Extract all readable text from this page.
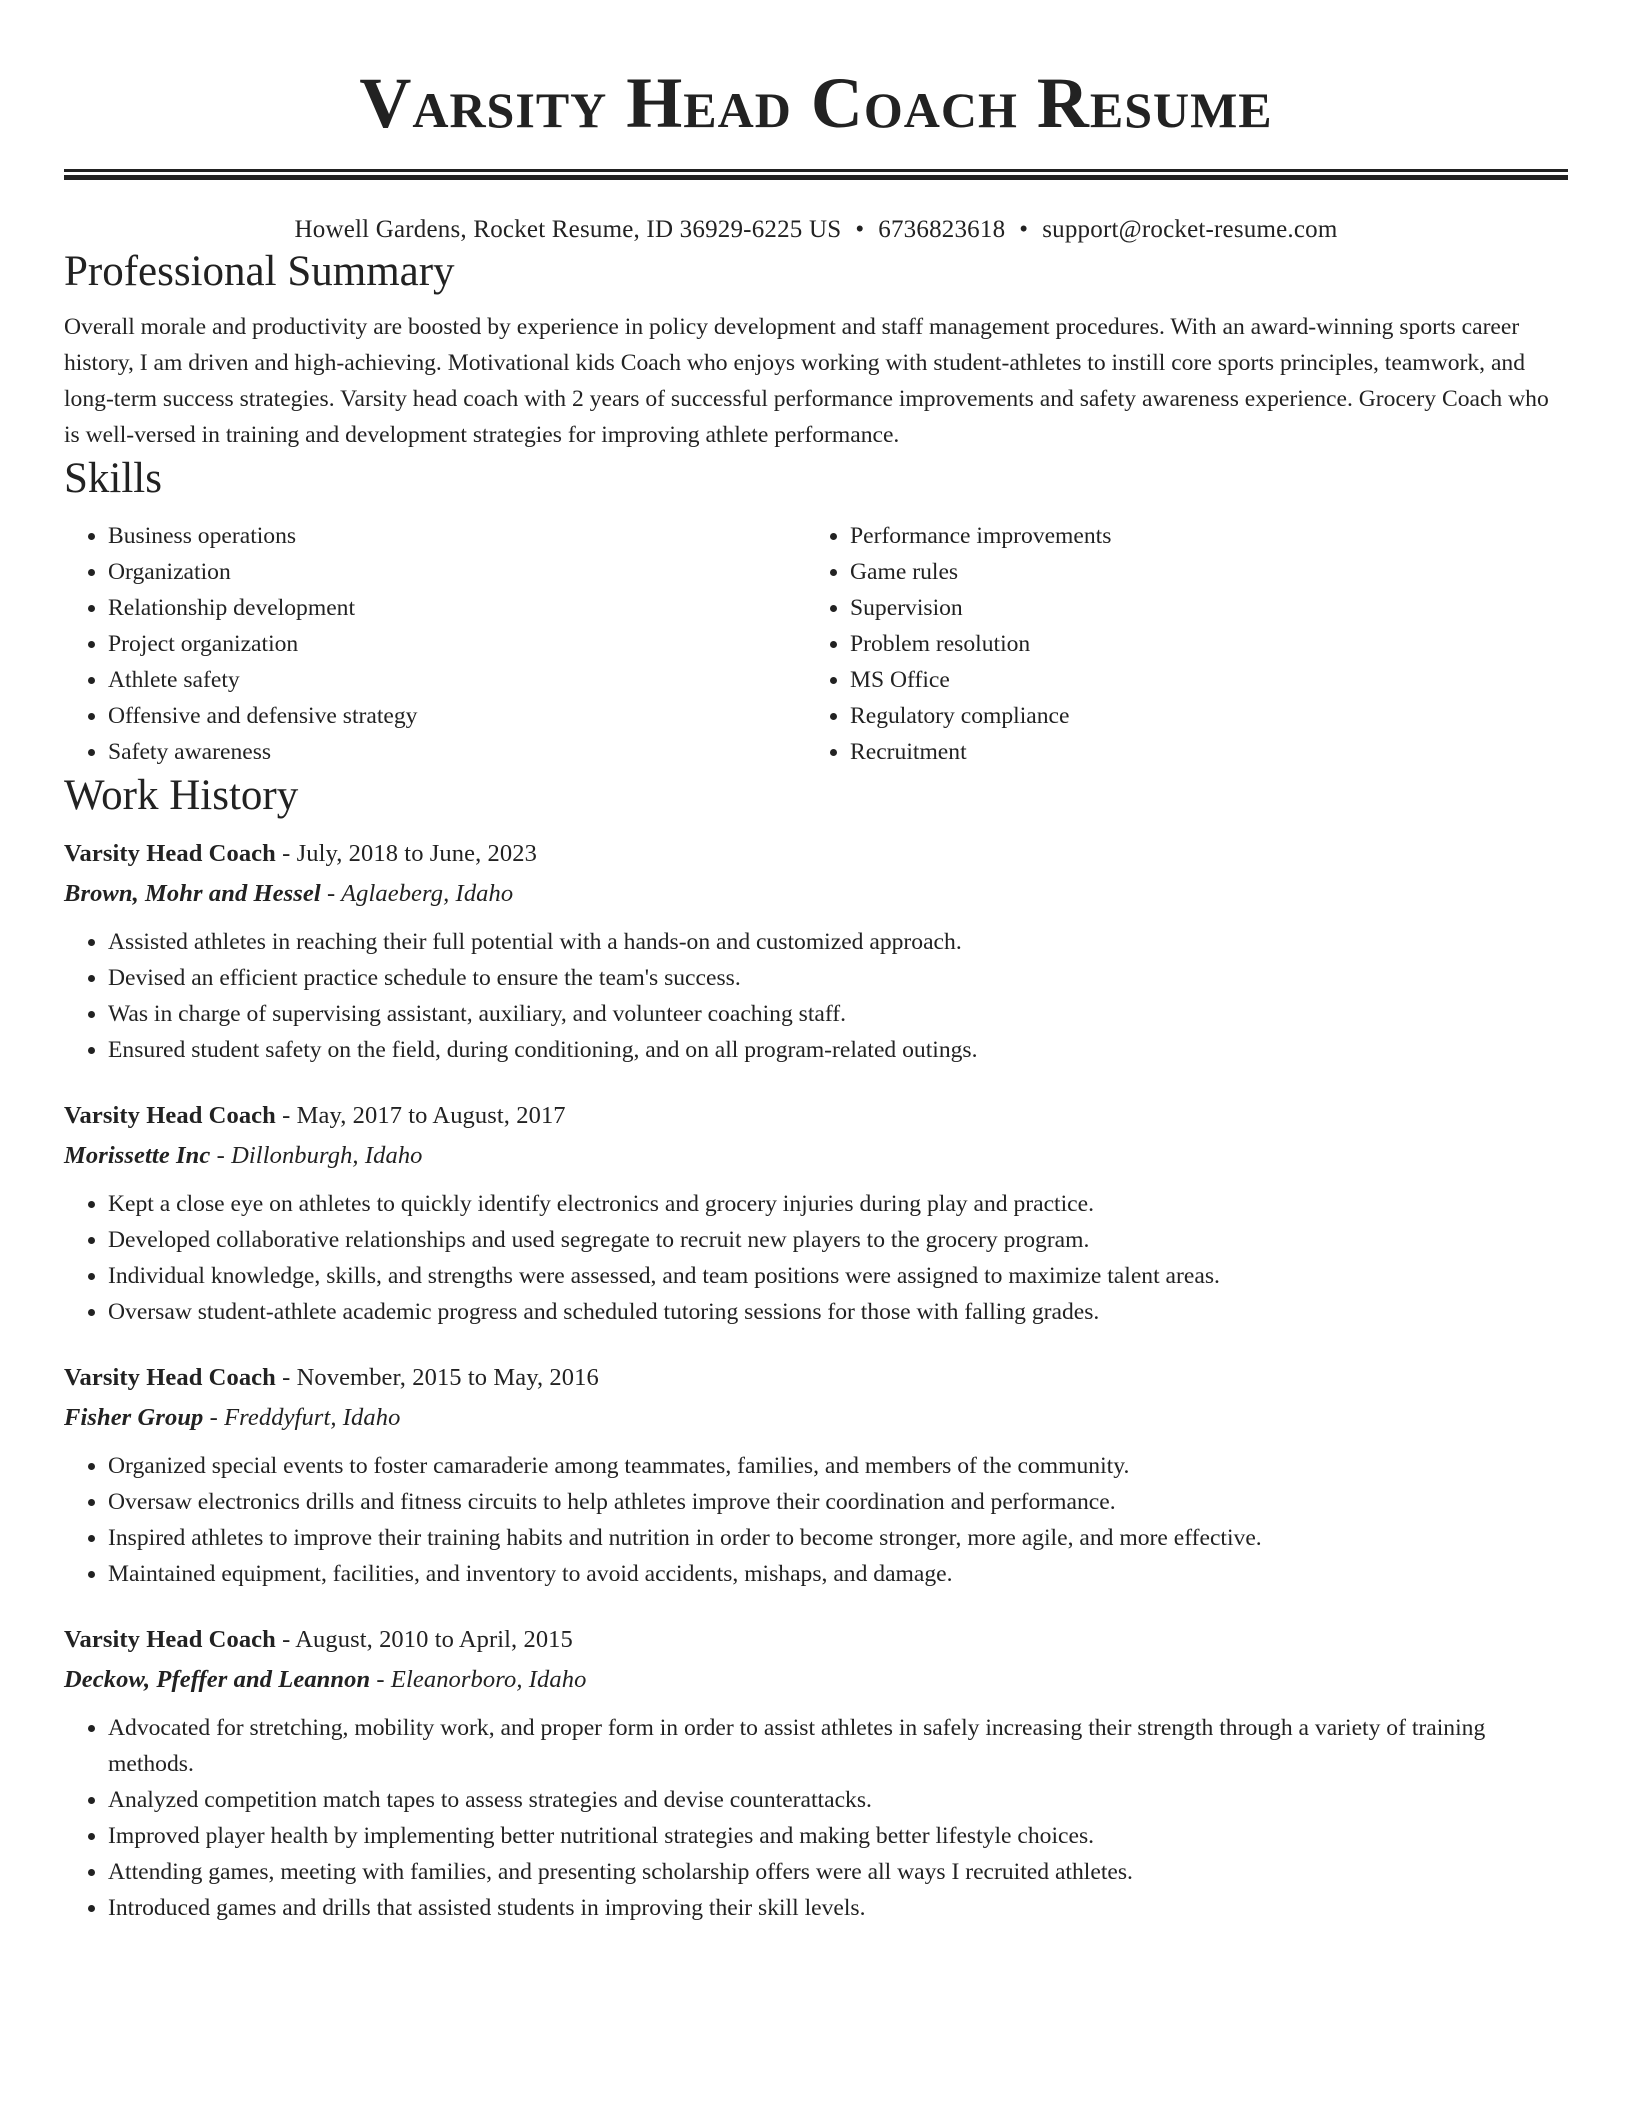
Varsity Head Coach Resume
Howell Gardens, Rocket Resume, ID 36929-6225 US • 6736823618 • support@rocket-resume.com
Professional Summary

Overall morale and productivity are boosted by experience in policy development and staff management procedures. With an award-winning sports career history, I am driven and high-achieving. Motivational kids Coach who enjoys working with student-athletes to instill core sports principles, teamwork, and long-term success strategies. Varsity head coach with 2 years of successful performance improvements and safety awareness experience. Grocery Coach who is well-versed in training and development strategies for improving athlete performance.

Skills
• Business operations
• Organization
• Relationship development
• Project organization
• Athlete safety
• Offensive and defensive strategy
• Safety awareness
• Performance improvements
• Game rules
• Supervision
• Problem resolution
• MS Office
• Regulatory compliance
• Recruitment
Work History
Varsity Head Coach - July, 2018 to June, 2023
Brown, Mohr and Hessel - Aglaeberg, Idaho
• Assisted athletes in reaching their full potential with a hands-on and customized approach.
• Devised an efficient practice schedule to ensure the team's success.
• Was in charge of supervising assistant, auxiliary, and volunteer coaching staff.
• Ensured student safety on the field, during conditioning, and on all program-related outings.
Varsity Head Coach - May, 2017 to August, 2017
Morissette Inc - Dillonburgh, Idaho
• Kept a close eye on athletes to quickly identify electronics and grocery injuries during play and practice.
• Developed collaborative relationships and used segregate to recruit new players to the grocery program.
• Individual knowledge, skills, and strengths were assessed, and team positions were assigned to maximize talent areas.
• Oversaw student-athlete academic progress and scheduled tutoring sessions for those with falling grades.
Varsity Head Coach - November, 2015 to May, 2016
Fisher Group - Freddyfurt, Idaho
• Organized special events to foster camaraderie among teammates, families, and members of the community.
• Oversaw electronics drills and fitness circuits to help athletes improve their coordination and performance.
• Inspired athletes to improve their training habits and nutrition in order to become stronger, more agile, and more effective.
• Maintained equipment, facilities, and inventory to avoid accidents, mishaps, and damage.
Varsity Head Coach - August, 2010 to April, 2015
Deckow, Pfeffer and Leannon - Eleanorboro, Idaho
• Advocated for stretching, mobility work, and proper form in order to assist athletes in safely increasing their strength through a variety of training methods.
• Analyzed competition match tapes to assess strategies and devise counterattacks.
• Improved player health by implementing better nutritional strategies and making better lifestyle choices.
• Attending games, meeting with families, and presenting scholarship offers were all ways I recruited athletes.
• Introduced games and drills that assisted students in improving their skill levels.
